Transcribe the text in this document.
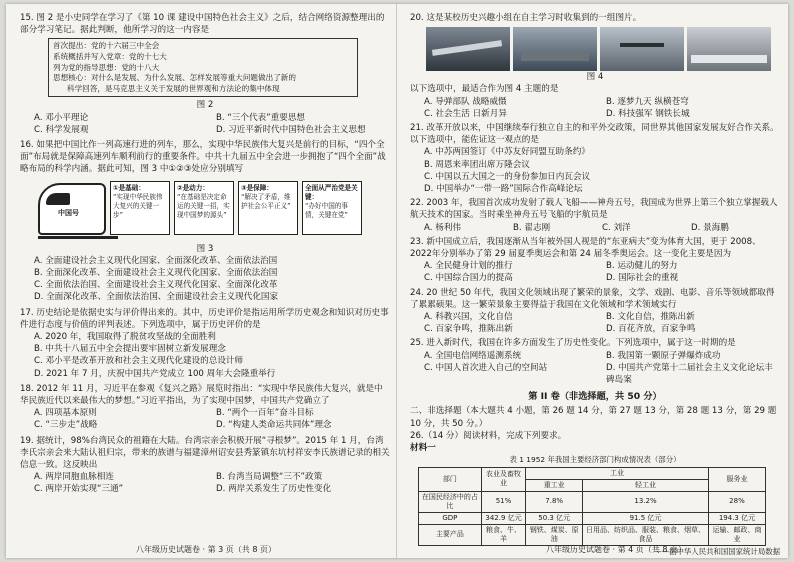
15. 图 2 是小史同学在学习了《第 10 课 建设中国特色社会主义》之后，结合网络资源整理出的部分学习笔记。据此判断，他所学习的这一内容是

首次提出：党的十六届三中全会
系统概括并写入党章：党的十七大
列为党的指导思想：党的十八大
思想核心：对什么是发展、为什么发展、怎样发展等重大问题做出了新的
科学回答，是马克思主义关于发展的世界观和方法论的集中体现

图 2

A. 邓小平理论	B. “三个代表”重要思想
C. 科学发展观	D. 习近平新时代中国特色社会主义思想

16. 如果把中国比作一列高速行进的列车，那么，实现中华民族伟大复兴是前行的目标，“四个全面”布局就是保障高速列车顺利前行的重要条件。中共十九届五中全会进一步拥抱了“四个全面”战略布局的科学内涵。据此可知，图 3 中①②③处应分别填写

中国号
①是基础：
“实现中华民族伟大复兴的关键一步”
②是动力：
“在基础是决定命运的关键一招，实现中国梦的源头”
③是保障：
“解决了矛盾，维护社会公平正义”
全面从严治党是关键：
“办好中国的事情，关键在党”

图 3

A. 全面建设社会主义现代化国家、全面深化改革、全面依法治国
B. 全面深化改革、全面建设社会主义现代化国家、全面依法治国
C. 全面依法治国、全面建设社会主义现代化国家、全面深化改革
D. 全面深化改革、全面依法治国、全面建设社会主义现代化国家

17. 历史结论是依据史实与评价得出来的。其中，历史评价是指运用所学历史观念和知识对历史事件进行态度与价值的评判表述。下列选项中，属于历史评价的是

A. 2020 年，我国取得了脱贫攻坚战的全面胜利
B. 中共十八届五中全会提出要牢固树立新发展理念
C. 邓小平是改革开放和社会主义现代化建设的总设计师
D. 2021 年 7 月，庆祝中国共产党成立 100 周年大会隆重举行

18. 2012 年 11 月，习近平在参观《复兴之路》展览时指出：“实现中华民族伟大复兴，就是中华民族近代以来最伟大的梦想。”习近平指出，为了实现中国梦，中国共产党确立了

A. 四项基本原则	B. “两个一百年”奋斗目标
C. “三步走”战略	D. “构建人类命运共同体”理念

19. 据统计，98%台湾民众的祖籍在大陆。台湾宗亲会积极开展“寻根梦”。2015 年 1 月，台湾李氏宗亲会来大陆认祖归宗，带来的族谱与福建漳州诏安县秀篆镇东坑村祥安李氏族谱记录的相关信息一致。这反映出

A. 两岸同胞血脉相连	B. 台湾当局调整“三不”政策
C. 两岸开始实现“三通”	D. 两岸关系发生了历史性变化
八年级历史试题卷 · 第 3 页（共 8 页）

20. 这是某校历史兴趣小组在自主学习时收集到的一组图片。

图 4

以下选项中，最适合作为图 4 主题的是

A. 导弹部队 战略威慑	B. 逐梦九天 纵横苍穹
C. 社会生活 日新月异	D. 科技强军 钢铁长城

21. 改革开放以来，中国继续奉行独立自主的和平外交政策，同世界其他国家发展友好合作关系。以下选项中，能佐证这一观点的是

A. 中苏两国签订《中苏友好同盟互助条约》
B. 周恩来率团出席万隆会议
C. 中国以五大国之一的身份参加日内瓦会议
D. 中国举办“一带一路”国际合作高峰论坛

22. 2003 年，我国首次成功发射了载人飞船——神舟五号，我国成为世界上第三个独立掌握载人航天技术的国家。当时乘坐神舟五号飞船的宇航员是

A. 杨利伟	B. 翟志刚	C. 刘洋	D. 景海鹏

23. 新中国成立后，我国逐渐从当年被外国人视是的“东亚病夫”变为体育大国，更于 2008、2022年分别举办了第 29 届夏季奥运会和第 24 届冬季奥运会。这一变化主要是因为

A. 全民健身计划的推行	B. 运动健儿的努力
C. 中国综合国力的提高	D. 国际社会的重视

24. 20 世纪 50 年代，我国文化领域出现了繁荣的景象，文学、戏剧、电影、音乐等领域都取得了累累硕果。这一繁荣景象主要得益于我国在文化领域和学术领域实行

A. 科教兴国，文化自信	B. 文化自信，推陈出新
C. 百家争鸣，推陈出新	D. 百花齐放，百家争鸣

25. 进入新时代，我国在许多方面发生了历史性变化。下列选项中，属于这一时期的是

A. 全国电信网络遥测系统	B. 我国第一颗原子弹爆炸成功
C. 中国人首次进入自己的空间站	D. 中国共产党第十二届社会主义文化论坛丰碑岛案
第 II 卷（非选择题，共 50 分）

二、非选择题（本大题共 4 小题，第 26 题 14 分，第 27 题 13 分，第 28 题 13 分，第 29 题 10 分，共 50 分。）

26.（14 分）阅读材料，完成下列要求。

材料一

表 1 1952 年我国主要经济部门构成情况表（部分）

部门	农业及畜牧业	工业		服务业
		重工业	轻工业	
在国民经济中的占比	51%	7.8%	13.2%	28%
GDP	342.9 亿元	50.3 亿元	91.5 亿元	194.3 亿元
主要产品	粮食、牛、羊	钢铁、煤炭、原油	日用品、纺织品、服装、粮食、烟草、食品	运输、邮政、商业

——据中华人民共和国国家统计局数据

八年级历史试题卷 · 第 4 页（共 8 页）
